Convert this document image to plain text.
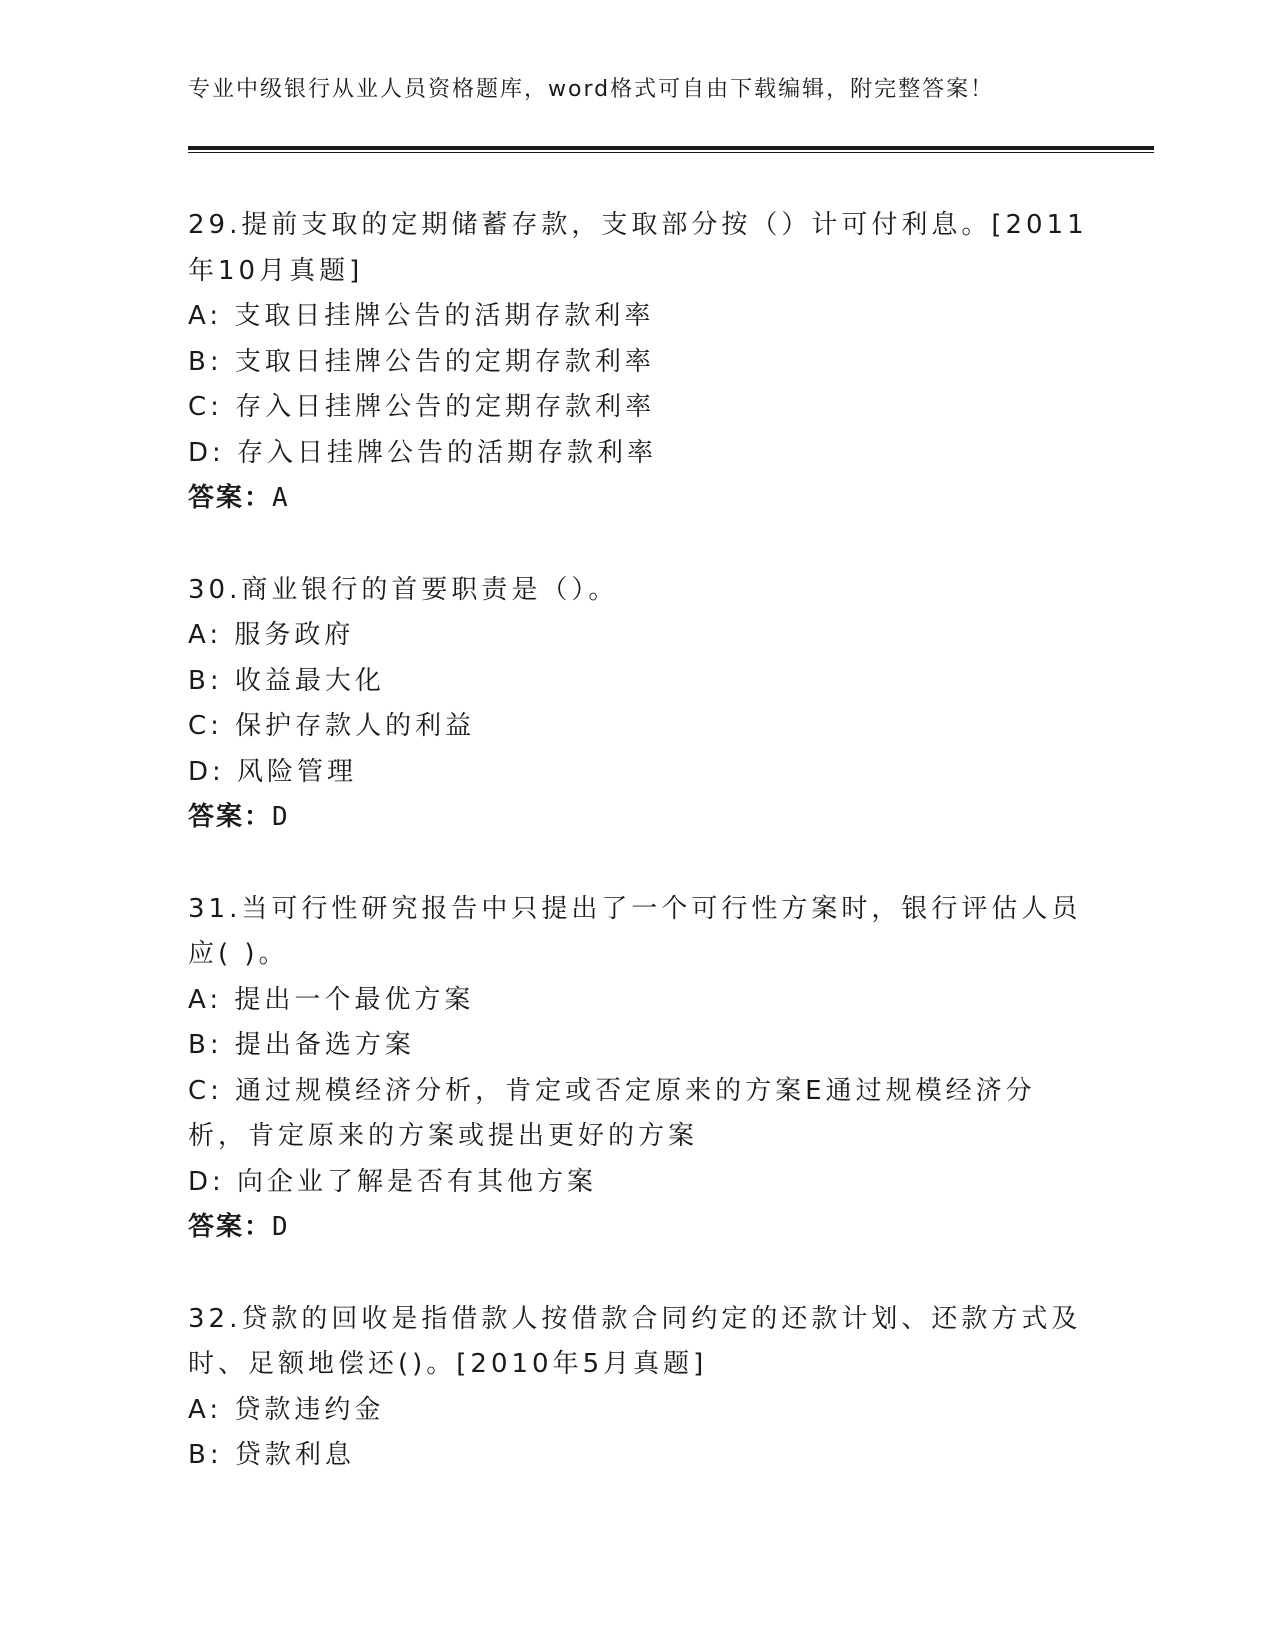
专业中级银行从业人员资格题库，word格式可自由下载编辑，附完整答案！
29.提前支取的定期储蓄存款，支取部分按（）计可付利息。[2011年10月真题]
A: 支取日挂牌公告的活期存款利率
B: 支取日挂牌公告的定期存款利率
C: 存入日挂牌公告的定期存款利率
D: 存入日挂牌公告的活期存款利率
答案：A
30.商业银行的首要职责是（）。
A: 服务政府
B: 收益最大化
C: 保护存款人的利益
D: 风险管理
答案：D
31.当可行性研究报告中只提出了一个可行性方案时，银行评估人员应( )。
A: 提出一个最优方案
B: 提出备选方案
C: 通过规模经济分析，肯定或否定原来的方案E通过规模经济分析，肯定原来的方案或提出更好的方案
D: 向企业了解是否有其他方案
答案：D
32.贷款的回收是指借款人按借款合同约定的还款计划、还款方式及时、足额地偿还()。[2010年5月真题]
A: 贷款违约金
B: 贷款利息
